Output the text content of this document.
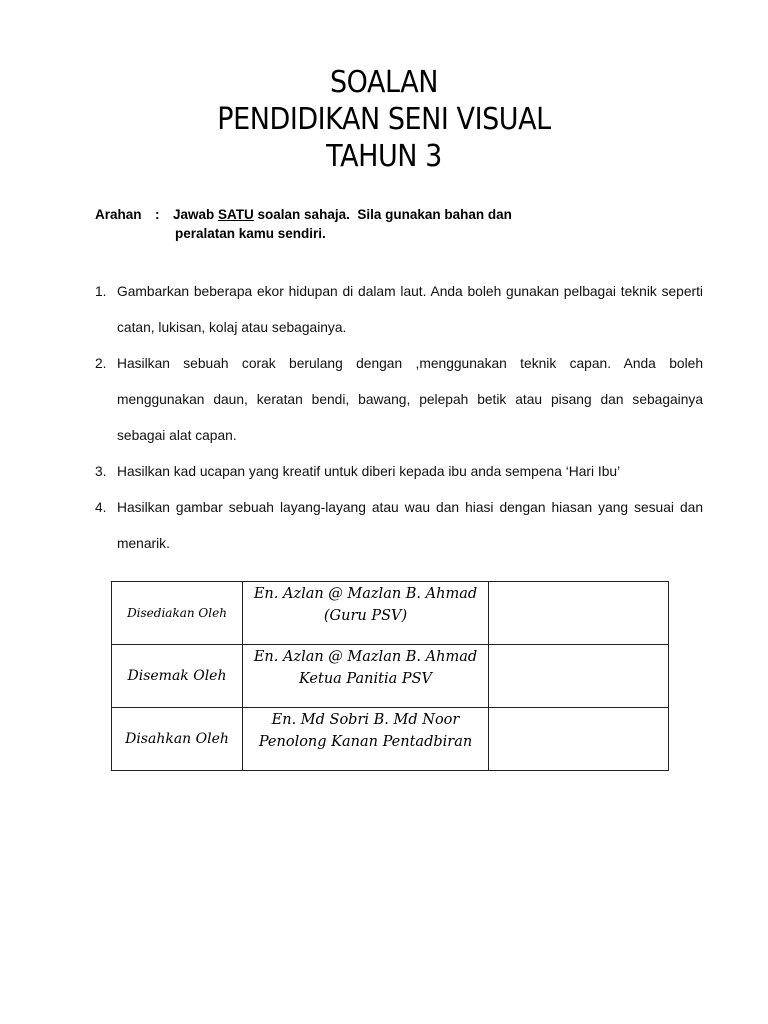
SOALAN
PENDIDIKAN SENI VISUAL
TAHUN 3
Arahan : Jawab SATU soalan sahaja.  Sila gunakan bahan dan
peralatan kamu sendiri.
1. Gambarkan beberapa ekor hidupan di dalam laut. Anda boleh gunakan pelbagai teknik seperti catan, lukisan, kolaj atau sebagainya.
2. Hasilkan sebuah corak berulang dengan ,menggunakan teknik capan. Anda boleh menggunakan daun, keratan bendi, bawang, pelepah betik atau pisang dan sebagainya sebagai alat capan.
3. Hasilkan kad ucapan yang kreatif untuk diberi kepada ibu anda sempena ‘Hari Ibu’
4. Hasilkan gambar sebuah layang-layang atau wau dan hiasi dengan hiasan yang sesuai dan menarik.
Disediakan Oleh	En. Azlan @ Mazlan B. Ahmad
(Guru PSV)	

Disemak Oleh	En. Azlan @ Mazlan B. Ahmad
Ketua Panitia PSV	

Disahkan Oleh	En. Md Sobri B. Md Noor
Penolong Kanan Pentadbiran	
